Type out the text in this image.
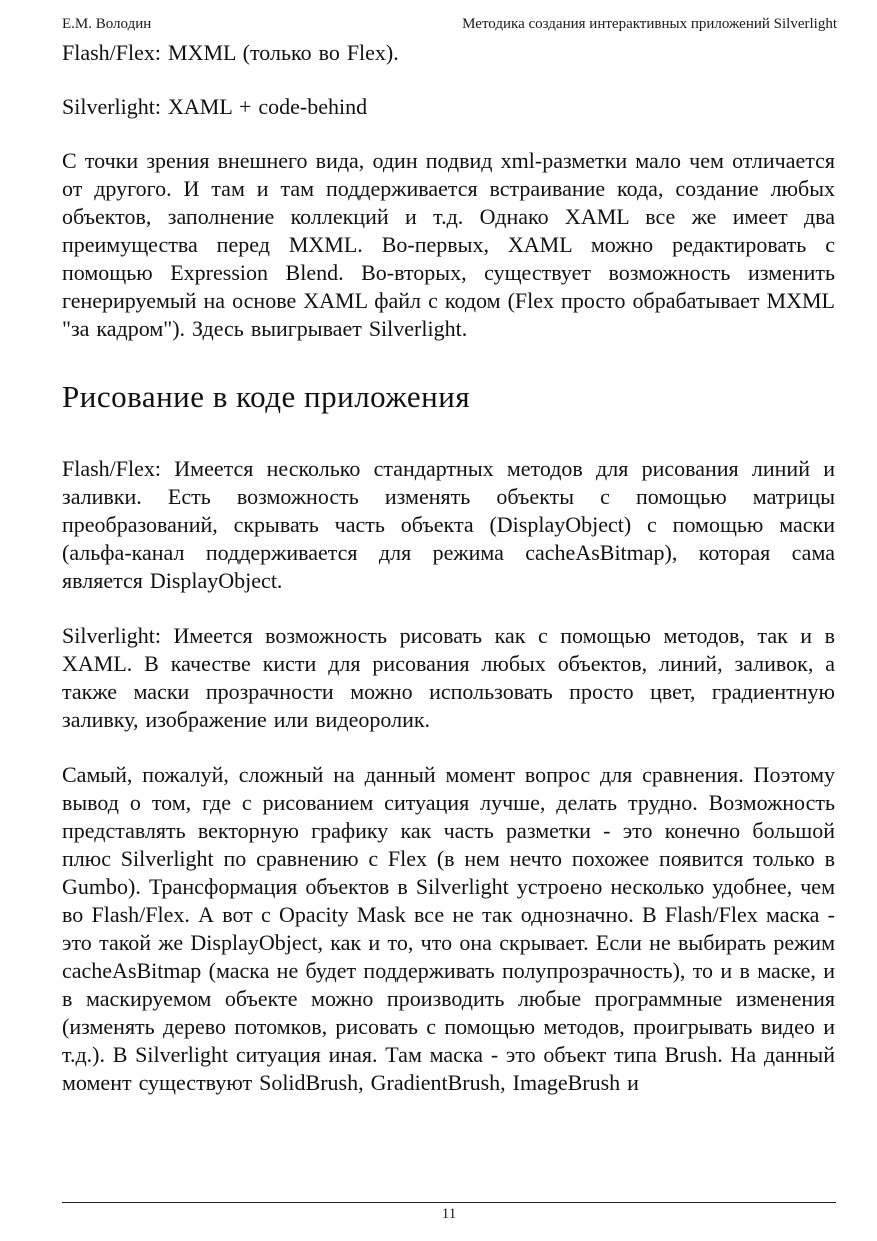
Е.М. Володин	Методика создания интерактивных приложений Silverlight

Flash/Flex: MXML (только во Flex).

Silverlight: XAML + code-behind

С точки зрения внешнего вида, один подвид xml-разметки мало чем отличается от другого. И там и там поддерживается встраивание кода, создание любых объектов, заполнение коллекций и т.д. Однако XAML все же имеет два преимущества перед MXML. Во-первых, XAML можно редактировать с помощью Expression Blend. Во-вторых, существует возможность изменить генерируемый на основе XAML файл с кодом (Flex просто обрабатывает MXML "за кадром"). Здесь выигрывает Silverlight.

Рисование в коде приложения

Flash/Flex: Имеется несколько стандартных методов для рисования линий и заливки. Есть возможность изменять объекты с помощью матрицы преобразований, скрывать часть объекта (DisplayObject) с помощью маски (альфа-канал поддерживается для режима cacheAsBitmap), которая сама является DisplayObject.

Silverlight: Имеется возможность рисовать как с помощью методов, так и в XAML. В качестве кисти для рисования любых объектов, линий, заливок, а также маски прозрачности можно использовать просто цвет, градиентную заливку, изображение или видеоролик.

Самый, пожалуй, сложный на данный момент вопрос для сравнения. Поэтому вывод о том, где с рисованием ситуация лучше, делать трудно. Возможность представлять векторную графику как часть разметки - это конечно большой плюс Silverlight по сравнению с Flex (в нем нечто похожее появится только в Gumbo). Трансформация объектов в Silverlight устроено несколько удобнее, чем во Flash/Flex. А вот с Opacity Mask все не так однозначно. В Flash/Flex маска - это такой же DisplayObject, как и то, что она скрывает. Если не выбирать режим cacheAsBitmap (маска не будет поддерживать полупрозрачность), то и в маске, и в маскируемом объекте можно производить любые программные изменения (изменять дерево потомков, рисовать с помощью методов, проигрывать видео и т.д.). В Silverlight ситуация иная. Там маска - это объект типа Brush. На данный момент существуют SolidBrush, GradientBrush, ImageBrush и

11
